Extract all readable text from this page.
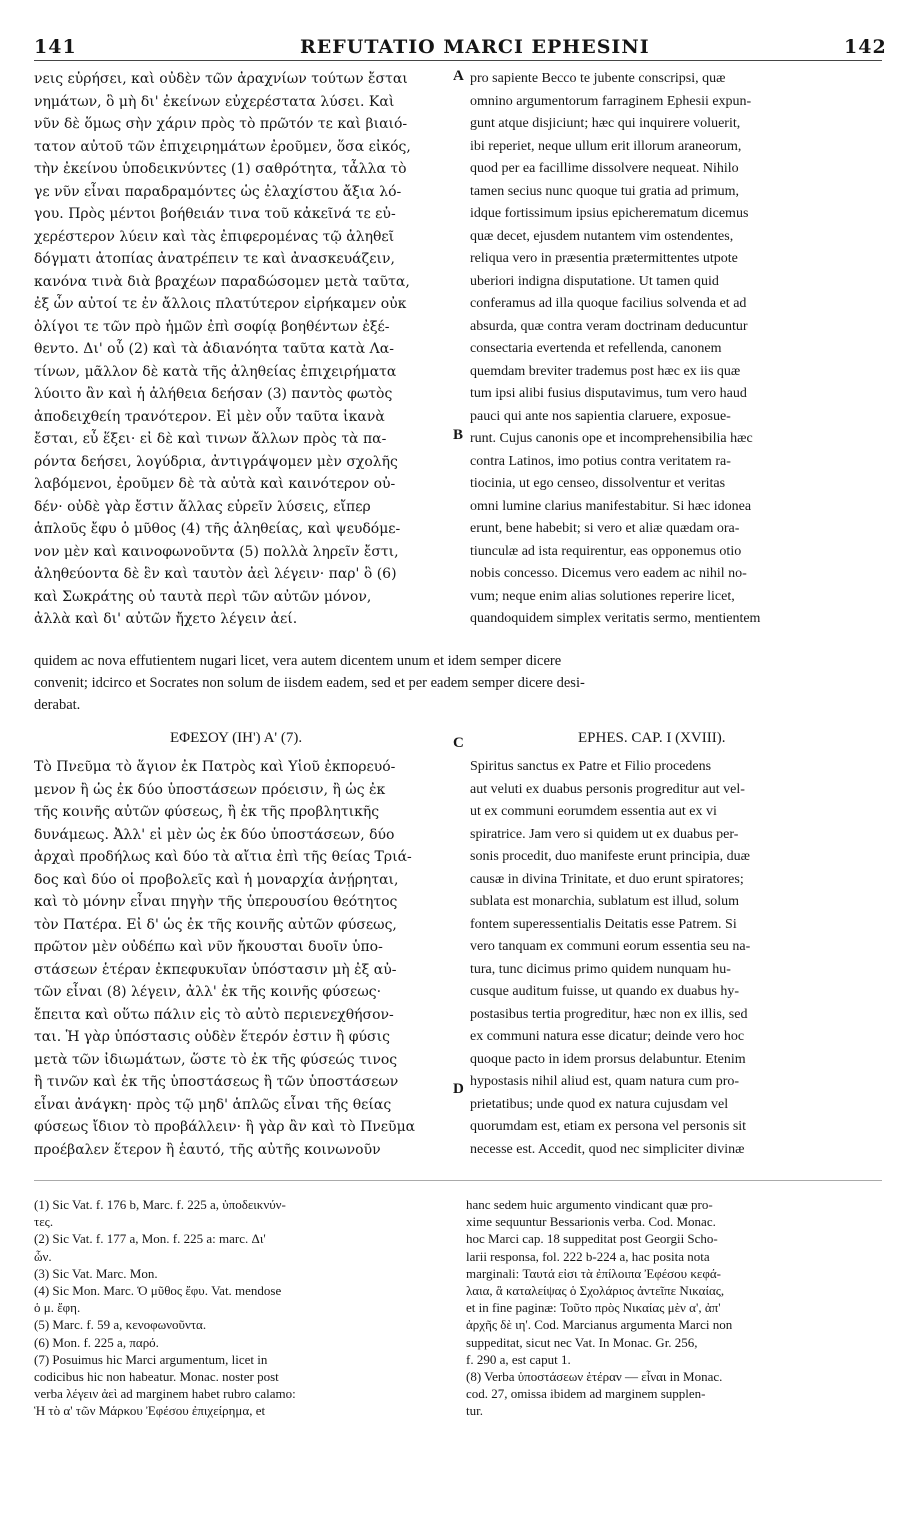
141	REFUTATIO MARCI EPHESINI	142
A
B
C
D
νεις εὑρήσει, καὶ οὐδὲν τῶν ἀραχνίων τούτων ἔσται
νημάτων, ὃ μὴ δι' ἐκείνων εὐχερέστατα λύσει. Καὶ
νῦν δὲ ὅμως σὴν χάριν πρὸς τὸ πρῶτόν τε καὶ βιαιό-
τατον αὐτοῦ τῶν ἐπιχειρημάτων ἐροῦμεν, ὅσα εἰκός,
τὴν ἐκείνου ὑποδεικνύντες (1) σαθρότητα, τἆλλα τὸ
γε νῦν εἶναι παραδραμόντες ὡς ἐλαχίστου ἄξια λό-
γου. Πρὸς μέντοι βοήθειάν τινα τοῦ κἀκεῖνά τε εὐ-
χερέστερον λύειν καὶ τὰς ἐπιφερομένας τῷ ἀληθεῖ
δόγματι ἀτοπίας ἀνατρέπειν τε καὶ ἀνασκευάζειν,
κανόνα τινὰ διὰ βραχέων παραδώσομεν μετὰ ταῦτα,
ἐξ ὧν αὐτοί τε ἐν ἄλλοις πλατύτερον εἰρήκαμεν οὐκ
ὀλίγοι τε τῶν πρὸ ἡμῶν ἐπὶ σοφίᾳ βοηθέντων ἐξέ-
θεντο. Δι' οὗ (2) καὶ τὰ ἀδιανόητα ταῦτα κατὰ Λα-
τίνων, μᾶλλον δὲ κατὰ τῆς ἀληθείας ἐπιχειρήματα
λύοιτο ἂν καὶ ἡ ἀλήθεια δεήσαν (3) παντὸς φωτὸς
ἀποδειχθείη τρανότερον. Εἰ μὲν οὖν ταῦτα ἱκανὰ
ἔσται, εὖ ἕξει· εἰ δὲ καὶ τινων ἄλλων πρὸς τὰ πα-
ρόντα δεήσει, λογύδρια, ἀντιγράψομεν μὲν σχολῆς
λαβόμενοι, ἐροῦμεν δὲ τὰ αὐτὰ καὶ καινότερον οὐ-
δέν· οὐδὲ γὰρ ἔστιν ἄλλας εὑρεῖν λύσεις, εἴπερ
ἁπλοῦς ἔφυ ὁ μῦθος (4) τῆς ἀληθείας, καὶ ψευδόμε-
νον μὲν καὶ καινοφωνοῦντα (5) πολλὰ ληρεῖν ἔστι,
ἀληθεύοντα δὲ ἓν καὶ ταυτὸν ἀεὶ λέγειν· παρ' ὃ (6)
καὶ Σωκράτης οὐ ταυτὰ περὶ τῶν αὐτῶν μόνον,
ἀλλὰ καὶ δι' αὐτῶν ἤχετο λέγειν ἀεί.
pro sapiente Becco te jubente conscripsi, quæ
omnino argumentorum farraginem Ephesii expun-
gunt atque disjiciunt; hæc qui inquirere voluerit,
ibi reperiet, neque ullum erit illorum araneorum,
quod per ea facillime dissolvere nequeat. Nihilo
tamen secius nunc quoque tui gratia ad primum,
idque fortissimum ipsius epicherematum dicemus
quæ decet, ejusdem nutantem vim ostendentes,
reliqua vero in præsentia prætermittentes utpote
uberiori indigna disputatione. Ut tamen quid
conferamus ad illa quoque facilius solvenda et ad
absurda, quæ contra veram doctrinam deducuntur
consectaria evertenda et refellenda, canonem
quemdam breviter trademus post hæc ex iis quæ
tum ipsi alibi fusius disputavimus, tum vero haud
pauci qui ante nos sapientia claruere, exposue-
runt. Cujus canonis ope et incomprehensibilia hæc
contra Latinos, imo potius contra veritatem ra-
tiocinia, ut ego censeo, dissolventur et veritas
omni lumine clarius manifestabitur. Si hæc idonea
erunt, bene habebit; si vero et aliæ quædam ora-
tiunculæ ad ista requirentur, eas opponemus otio
nobis concesso. Dicemus vero eadem ac nihil no-
vum; neque enim alias solutiones reperire licet,
quandoquidem simplex veritatis sermo, mentientem
quidem ac nova effutientem nugari licet, vera autem dicentem unum et idem semper dicere
convenit; idcirco et Socrates non solum de iisdem eadem, sed et per eadem semper dicere desi-
derabat.
ΕΦΕΣΟΥ (ΙΗ') Α' (7).	EPHES. CAP. I (XVIII).
Τὸ Πνεῦμα τὸ ἅγιον ἐκ Πατρὸς καὶ Υἱοῦ ἐκπορευό-
μενον ἢ ὡς ἐκ δύο ὑποστάσεων πρόεισιν, ἢ ὡς ἐκ
τῆς κοινῆς αὐτῶν φύσεως, ἢ ἐκ τῆς προβλητικῆς
δυνάμεως. Ἀλλ' εἰ μὲν ὡς ἐκ δύο ὑποστάσεων, δύο
ἀρχαὶ προδήλως καὶ δύο τὰ αἴτια ἐπὶ τῆς θείας Τριά-
δος καὶ δύο οἱ προβολεῖς καὶ ἡ μοναρχία ἀνῄρηται,
καὶ τὸ μόνην εἶναι πηγὴν τῆς ὑπερουσίου θεότητος
τὸν Πατέρα. Εἰ δ' ὡς ἐκ τῆς κοινῆς αὐτῶν φύσεως,
πρῶτον μὲν οὐδέπω καὶ νῦν ἤκουσται δυοῖν ὑπο-
στάσεων ἑτέραν ἐκπεφυκυῖαν ὑπόστασιν μὴ ἐξ αὐ-
τῶν εἶναι (8) λέγειν, ἀλλ' ἐκ τῆς κοινῆς φύσεως·
ἔπειτα καὶ οὕτω πάλιν εἰς τὸ αὐτὸ περιενεχθήσον-
ται. Ἡ γὰρ ὑπόστασις οὐδὲν ἕτερόν ἐστιν ἢ φύσις
μετὰ τῶν ἰδιωμάτων, ὥστε τὸ ἐκ τῆς φύσεώς τινος
ἢ τινῶν καὶ ἐκ τῆς ὑποστάσεως ἢ τῶν ὑποστάσεων
εἶναι ἀνάγκη· πρὸς τῷ μηδ' ἁπλῶς εἶναι τῆς θείας
φύσεως ἴδιον τὸ προβάλλειν· ἢ γὰρ ἂν καὶ τὸ Πνεῦμα
προέβαλεν ἕτερον ἢ ἑαυτό, τῆς αὐτῆς κοινωνοῦν
Spiritus sanctus ex Patre et Filio procedens
aut veluti ex duabus personis progreditur aut vel-
ut ex communi eorumdem essentia aut ex vi
spiratrice. Jam vero si quidem ut ex duabus per-
sonis procedit, duo manifeste erunt principia, duæ
causæ in divina Trinitate, et duo erunt spiratores;
sublata est monarchia, sublatum est illud, solum
fontem superessentialis Deitatis esse Patrem. Si
vero tanquam ex communi eorum essentia seu na-
tura, tunc dicimus primo quidem nunquam hu-
cusque auditum fuisse, ut quando ex duabus hy-
postasibus tertia progreditur, hæc non ex illis, sed
ex communi natura esse dicatur; deinde vero hoc
quoque pacto in idem prorsus delabuntur. Etenim
hypostasis nihil aliud est, quam natura cum pro-
prietatibus; unde quod ex natura cujusdam vel
quorumdam est, etiam ex persona vel personis sit
necesse est. Accedit, quod nec simpliciter divinæ
(1) Sic Vat. f. 176 b, Marc. f. 225 a, ὑποδεικνύν-
τες.
(2) Sic Vat. f. 177 a, Mon. f. 225 a: marc. Δι'
ὧν.
(3) Sic Vat. Marc. Mon.
(4) Sic Mon. Marc. Ὁ μῦθος ἔφυ. Vat. mendose
ὁ μ. ἔφη.
(5) Marc. f. 59 a, κενοφωνοῦντα.
(6) Mon. f. 225 a, παρό.
(7) Posuimus hic Marci argumentum, licet in
codicibus hic non habeatur. Monac. noster post
verba λέγειν ἀεὶ ad marginem habet rubro calamo:
Ἡ τὸ α' τῶν Μάρκου Ἐφέσου ἐπιχείρημα, et
hanc sedem huic argumento vindicant quæ pro-
xime sequuntur Bessarionis verba. Cod. Monac.
hoc Marci cap. 18 suppeditat post Georgii Scho-
larii responsa, fol. 222 b-224 a, hac posita nota
marginali: Ταυτά εἰσι τὰ ἐπίλοιπα Ἐφέσου κεφά-
λαια, ἃ καταλείψας ὁ Σχολάριος ἀντεῖπε Νικαίας,
et in fine paginæ: Τοῦτο πρὸς Νικαίας μὲν α', ἀπ'
ἀρχῆς δὲ ιη'. Cod. Marcianus argumenta Marci non
suppeditat, sicut nec Vat. In Monac. Gr. 256,
f. 290 a, est caput 1.
(8) Verba ὑποστάσεων ἑτέραν — εἶναι in Monac.
cod. 27, omissa ibidem ad marginem supplen-
tur.
